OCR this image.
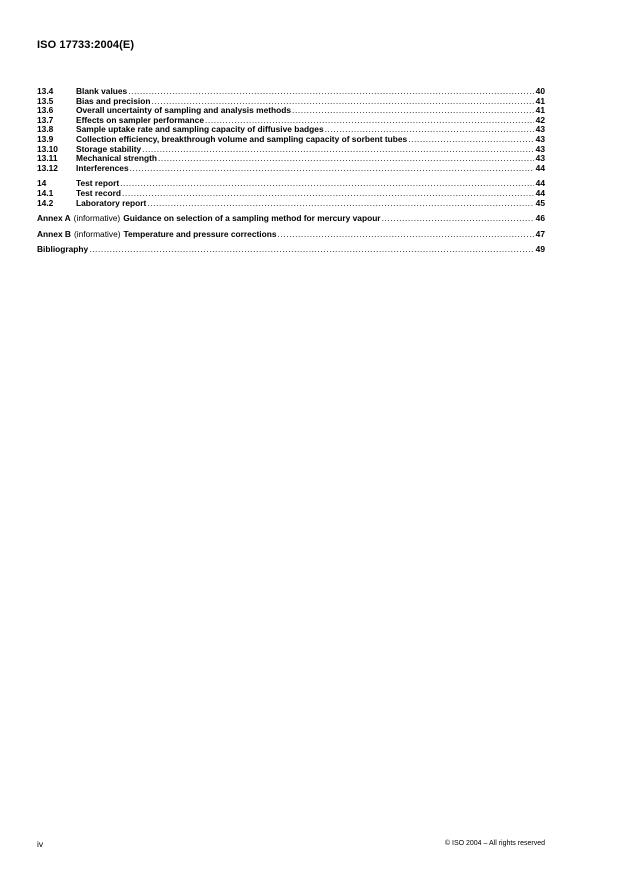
ISO 17733:2004(E)
13.4	Blank values .....	40
13.5	Bias and precision .....	41
13.6	Overall uncertainty of sampling and analysis methods .....	41
13.7	Effects on sampler performance .....	42
13.8	Sample uptake rate and sampling capacity of diffusive badges .....	43
13.9	Collection efficiency, breakthrough volume and sampling capacity of sorbent tubes .....	43
13.10	Storage stability .....	43
13.11	Mechanical strength .....	43
13.12	Interferences .....	44
14	Test report .....	44
14.1	Test record .....	44
14.2	Laboratory report .....	45
Annex A (informative) Guidance on selection of a sampling method for mercury vapour .....	46
Annex B (informative) Temperature and pressure corrections .....	47
Bibliography .....	49
iv	© ISO 2004 – All rights reserved
